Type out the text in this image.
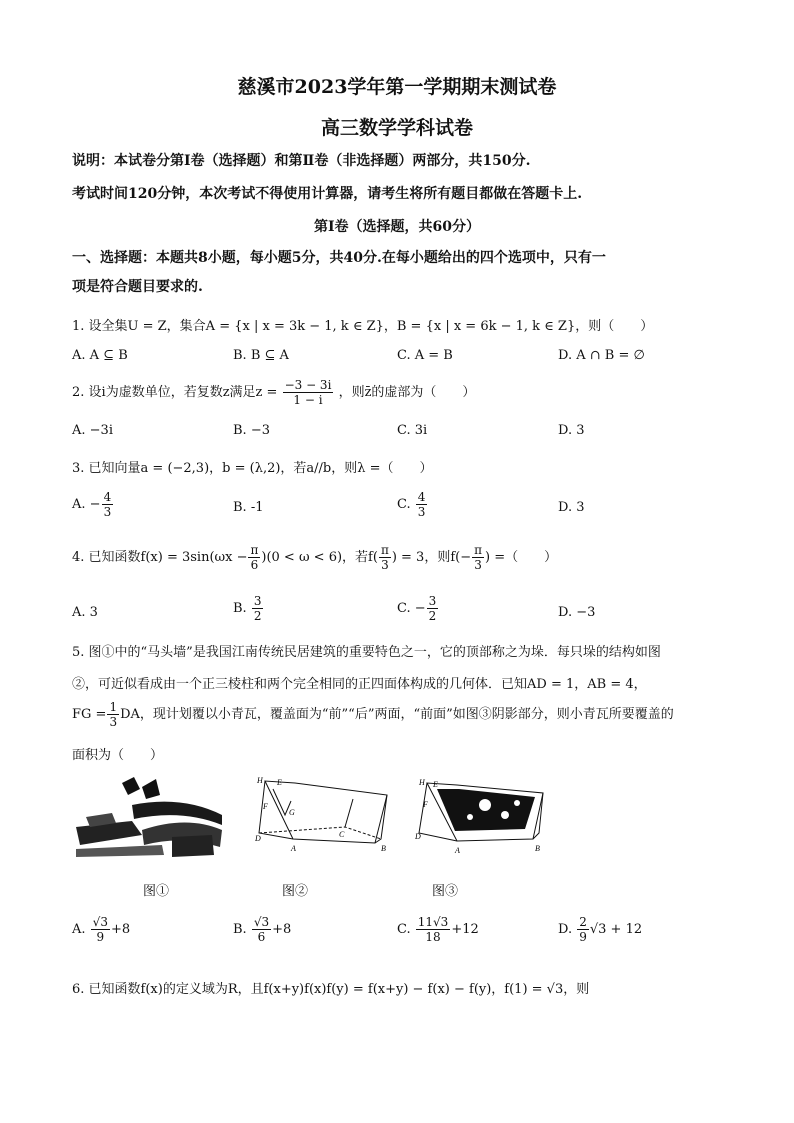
慈溪市2023学年第一学期期末测试卷
高三数学学科试卷
说明：本试卷分第Ⅰ卷（选择题）和第Ⅱ卷（非选择题）两部分，共150分.
考试时间120分钟，本次考试不得使用计算器，请考生将所有题目都做在答题卡上.
第Ⅰ卷（选择题，共60分）
一、选择题：本题共8小题，每小题5分，共40分.在每小题给出的四个选项中，只有一
项是符合题目要求的.
1. 设全集U = Z，集合A = {x | x = 3k − 1, k ∈ Z}，B = {x | x = 6k − 1, k ∈ Z}，则（　　）
A. A ⊆ B	B. B ⊆ A	C. A = B	D. A ∩ B = ∅
2. 设i为虚数单位，若复数z满足$z = \frac{-3 - 3i}{1 - i}$ ，则z̄的虚部为（　　）
A. −3i	B. −3	C. 3i	D. 3
3. 已知向量a = (−2,3)，b = (λ,2)，若a//b，则λ =（　　）
A. − $\frac{4}{3}$	B. -1	C. $\frac{4}{3}$	D. 3
4. 已知函数$f(x) = 3\sin(\omega x - \frac{\pi}{6} )(0 < \omega < 6)$，若$f( \frac{\pi}{3}$ ) = 3，则$f(- \frac{\pi}{3}$ ) =（　　）
A. 3	B. $\frac{3}{2}$	C. − $\frac{3}{2}$	D. −3
5. 图①中的“马头墙”是我国江南传统民居建筑的重要特色之一，它的顶部称之为垛．每只垛的结构如图
②，可近似看成由一个正三棱柱和两个完全相同的正四面体构成的几何体．已知AD = 1，AB = 4，
FG = $\frac{1}{3}$ DA，现计划覆以小青瓦，覆盖面为“前”“后”两面，“前面”如图③阴影部分，则小青瓦所要覆盖的
面积为（　　）
H E
F
G
D	C
A	B
H E
F
D
A	B
图①	图②	图③
A. $\frac{√3}{9} +8$	B. $\frac{√3}{6} +8$	C. $\frac{11√3}{18} +12$	D. $\frac{2}{9} √3 + 12$
6. 已知函数f(x)的定义域为R，且f(x+y)f(x)f(y) = f(x+y) − f(x) − f(y)，f(1) = √3，则
